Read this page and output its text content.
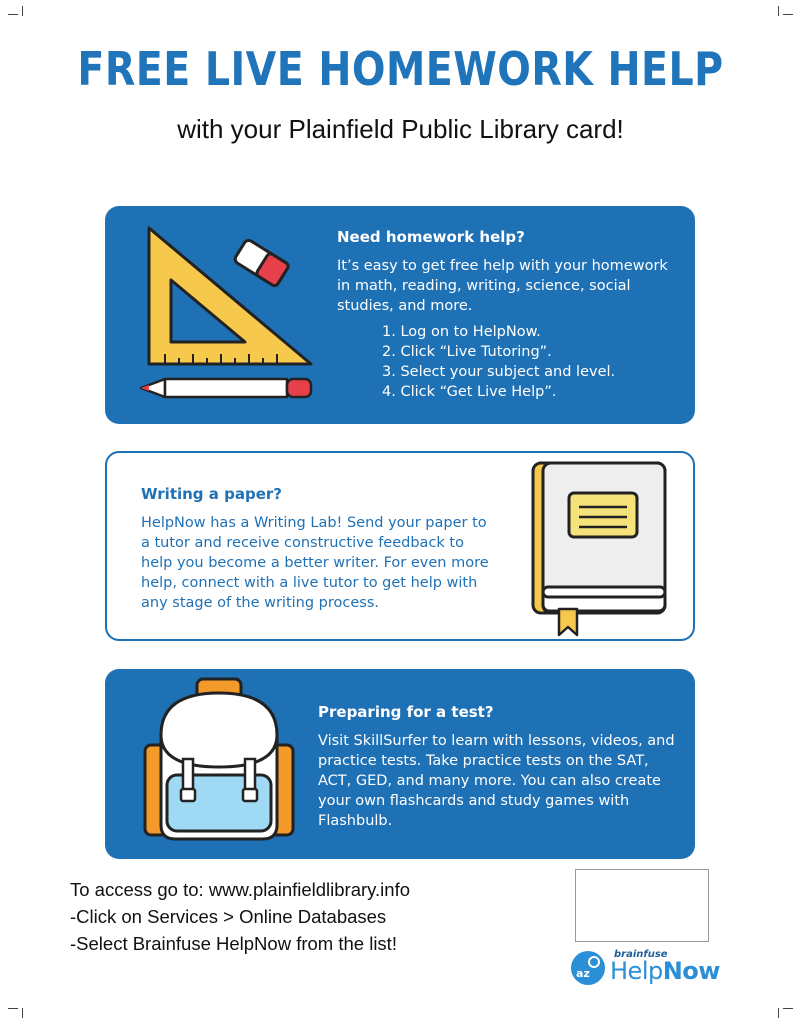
FREE LIVE HOMEWORK HELP
with your Plainfield Public Library card!
Need homework help?

It’s easy to get free help with your homework in math, reading, writing, science, social studies, and more.

1. Log on to HelpNow.
2. Click “Live Tutoring”.
3. Select your subject and level.
4. Click “Get Live Help”.
Writing a paper?

HelpNow has a Writing Lab! Send your paper to a tutor and receive constructive feedback to help you become a better writer. For even more help, connect with a live tutor to get help with any stage of the writing process.

Preparing for a test?

Visit SkillSurfer to learn with lessons, videos, and practice tests. Take practice tests on the SAT, ACT, GED, and many more. You can also create your own flashcards and study games with Flashbulb.

To access go to: www.plainfieldlibrary.info
-Click on Services > Online Databases
-Select Brainfuse HelpNow from the list!
az
brainfuse
HelpNow
